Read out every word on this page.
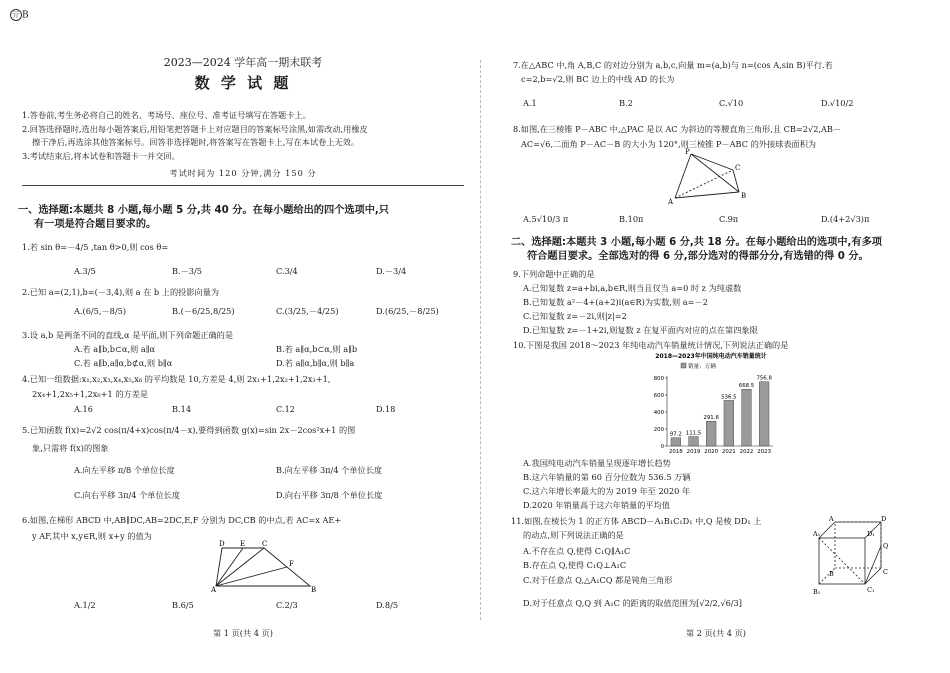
亓 B
2023—2024 学年高一期末联考
数 学 试 题
1.答卷前,考生务必将自己的姓名、考场号、座位号、准考证号填写在答题卡上。
2.回答选择题时,选出每小题答案后,用铅笔把答题卡上对应题目的答案标号涂黑,如需改动,用橡皮
擦干净后,再选涂其他答案标号。回答非选择题时,将答案写在答题卡上,写在本试卷上无效。
3.考试结束后,将本试卷和答题卡一并交回。
考试时间为 120 分钟,满分 150 分
一、选择题:本题共 8 小题,每小题 5 分,共 40 分。在每小题给出的四个选项中,只
有一项是符合题目要求的。
1.若 sin θ=－4/5 ,tan θ>0,则 cos θ=
A.3/5	B.－3/5	C.3/4	D.－3/4
2.已知 a=(2,1),b=(－3,4),则 a 在 b 上的投影向量为
A.(6/5,－8/5)	B.(－6/25,8/25)	C.(3/25,－4/25)	D.(6/25,－8/25)
3.设 a,b 是两条不同的直线,α 是平面,则下列命题正确的是
A.若 a∥b,b⊂α,则 a∥α	B.若 a∥α,b⊂α,则 a∥b
C.若 a∥b,a∥α,b⊄α,则 b∥α	D.若 a∥α,b∥α,则 b∥a
4.已知一组数据:x₁,x₂,x₃,x₄,x₅,x₆ 的平均数是 10,方差是 4,则 2x₁+1,2x₂+1,2x₃+1,
2x₄+1,2x₅+1,2x₆+1 的方差是
A.16	B.14	C.12	D.18
5.已知函数 f(x)=2√2 cos(π/4+x)cos(π/4－x),要得到函数 g(x)=sin 2x－2cos²x+1 的图
象,只需将 f(x)的图象
A.向左平移 π/8 个单位长度	B.向左平移 3π/4 个单位长度
C.向右平移 3π/4 个单位长度	D.向右平移 3π/8 个单位长度
6.如图,在梯形 ABCD 中,AB∥DC,AB=2DC,E,F 分别为 DC,CB 的中点,若 AC=x AE+
y AF,其中 x,y∈R,则 x+y 的值为
D E C
F
A	B
A.1/2	B.6/5	C.2/3	D.8/5
第 1 页(共 4 页)
7.在△ABC 中,角 A,B,C 的对边分别为 a,b,c,向量 m=(a,b)与 n=(cos A,sin B)平行.若
c=2,b=√2,则 BC 边上的中线 AD 的长为
A.1	B.2	C.√10	D.√10/2
8.如图,在三棱锥 P－ABC 中,△PAC 是以 AC 为斜边的等腰直角三角形,且 CB=2√2,AB－
AC=√6,二面角 P－AC－B 的大小为 120°,则三棱锥 P－ABC 的外接球表面积为
P
C
A
B
A.5√10/3 π	B.10π	C.9π	D.(4+2√3)π
二、选择题:本题共 3 小题,每小题 6 分,共 18 分。在每小题给出的选项中,有多项
符合题目要求。全部选对的得 6 分,部分选对的得部分分,有选错的得 0 分。
9.下列命题中正确的是
A.已知复数 z=a+bi,a,b∈R,则当且仅当 a=0 时 z 为纯虚数
B.已知复数 a²－4+(a+2)i(a∈R)为实数,则 a=－2
C.已知复数 z=－2i,则|z|=2
D.已知复数 z=－1+2i,则复数 z 在复平面内对应的点在第四象限
10.下图是我国 2018～2023 年纯电动汽车销量统计情况,下列说法正确的是
2018—2023年中国纯电动汽车销量统计
销量：万辆
0
200
400
600
800
97.2
2018
111.5
2019
291.6
2020
536.5
2021
668.5
2022
756.8
2023
A.我国纯电动汽车销量呈现逐年增长趋势
B.这六年销量的第 60 百分位数为 536.5 万辆
C.这六年增长率最大的为 2019 年至 2020 年
D.2020 年销量高于这六年销量的平均值
11.如图,在棱长为 1 的正方体 ABCD－A₁B₁C₁D₁ 中,Q 是棱 DD₁ 上
的动点,则下列说法正确的是
A.不存在点 Q,使得 C₁Q∥A₁C
B.存在点 Q,使得 C₁Q⊥A₁C
C.对于任意点 Q,△A₁CQ 都是钝角三角形
D.对于任意点 Q,Q 到 A₁C 的距离的取值范围为[√2/2,√6/3]
A	D
A₁	D₁
C₁
Q
B	C
B₁
第 2 页(共 4 页)
